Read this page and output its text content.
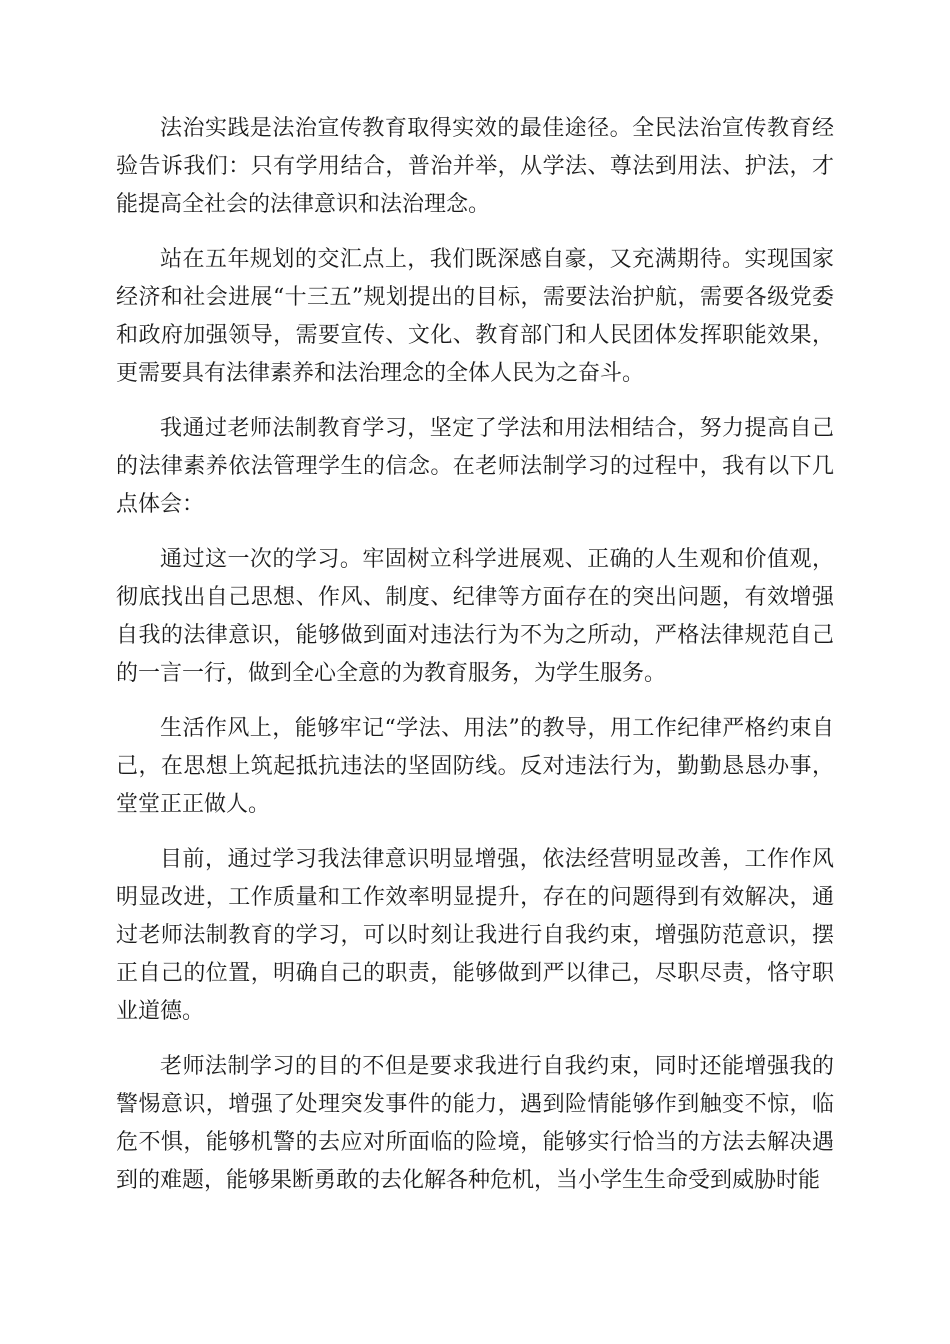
法治实践是法治宣传教育取得实效的最佳途径。全民法治宣传教育经验告诉我们：只有学用结合，普治并举，从学法、尊法到用法、护法，才能提高全社会的法律意识和法治理念。

站在五年规划的交汇点上，我们既深感自豪，又充满期待。实现国家经济和社会进展“十三五”规划提出的目标，需要法治护航，需要各级党委和政府加强领导，需要宣传、文化、教育部门和人民团体发挥职能效果，更需要具有法律素养和法治理念的全体人民为之奋斗。

我通过老师法制教育学习，坚定了学法和用法相结合，努力提高自己的法律素养依法管理学生的信念。在老师法制学习的过程中，我有以下几点体会：

通过这一次的学习。牢固树立科学进展观、正确的人生观和价值观，彻底找出自己思想、作风、制度、纪律等方面存在的突出问题，有效增强自我的法律意识，能够做到面对违法行为不为之所动，严格法律规范自己的一言一行，做到全心全意的为教育服务，为学生服务。

生活作风上，能够牢记“学法、用法”的教导，用工作纪律严格约束自己，在思想上筑起抵抗违法的坚固防线。反对违法行为，勤勤恳恳办事，堂堂正正做人。

目前，通过学习我法律意识明显增强，依法经营明显改善，工作作风明显改进，工作质量和工作效率明显提升，存在的问题得到有效解决，通过老师法制教育的学习，可以时刻让我进行自我约束，增强防范意识，摆正自己的位置，明确自己的职责，能够做到严以律己，尽职尽责，恪守职业道德。

老师法制学习的目的不但是要求我进行自我约束，同时还能增强我的警惕意识，增强了处理突发事件的能力，遇到险情能够作到触变不惊，临危不惧，能够机警的去应对所面临的险境，能够实行恰当的方法去解决遇到的难题，能够果断勇敢的去化解各种危机，当小学生生命受到威胁时能
